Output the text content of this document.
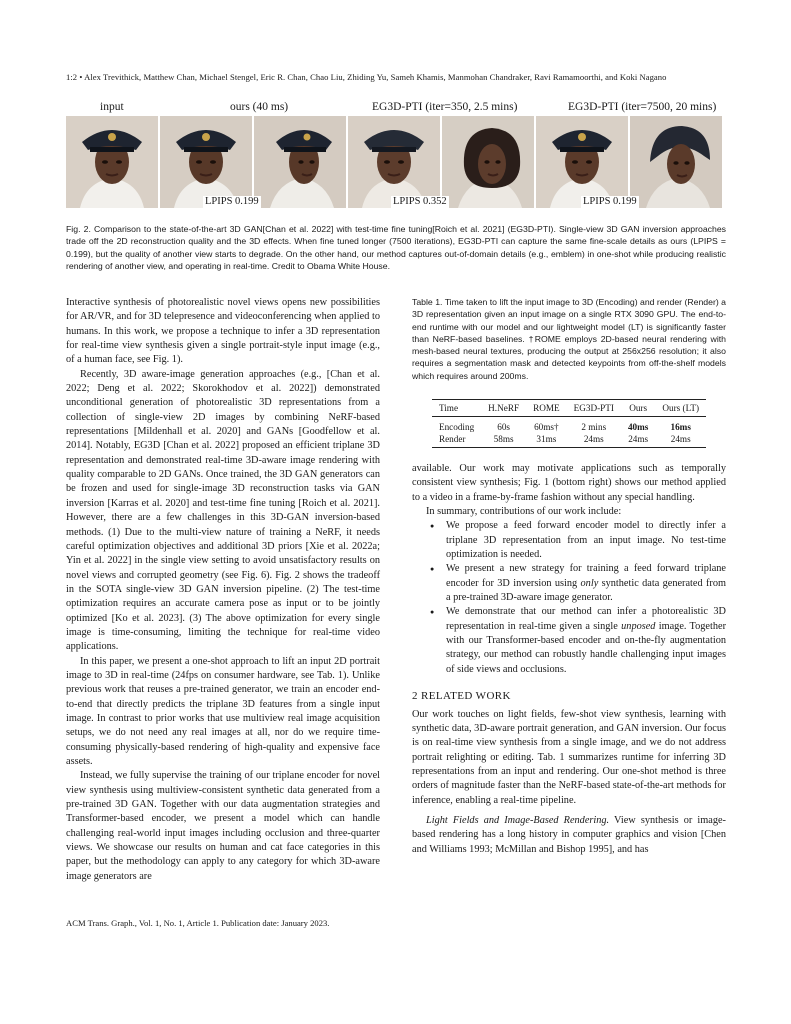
1:2 • Alex Trevithick, Matthew Chan, Michael Stengel, Eric R. Chan, Chao Liu, Zhiding Yu, Sameh Khamis, Manmohan Chandraker, Ravi Ramamoorthi, and Koki Nagano
input	ours (40 ms)	EG3D-PTI (iter=350, 2.5 mins)	EG3D-PTI (iter=7500, 20 mins)
LPIPS 0.199	LPIPS 0.352	LPIPS 0.199
Fig. 2. Comparison to the state-of-the-art 3D GAN[Chan et al. 2022] with test-time fine tuning[Roich et al. 2021] (EG3D-PTI). Single-view 3D GAN inversion approaches trade off the 2D reconstruction quality and the 3D effects. When fine tuned longer (7500 iterations), EG3D-PTI can capture the same fine-scale details as ours (LPIPS = 0.199), but the quality of another view starts to degrade. On the other hand, our method captures out-of-domain details (e.g., emblem) in one-shot while producing realistic rendering of another view, and operating in real-time. Credit to Obama White House.

Interactive synthesis of photorealistic novel views opens new possibilities for AR/VR, and for 3D telepresence and videoconferencing when applied to humans. In this work, we propose a technique to infer a 3D representation for real-time view synthesis given a single portrait-style input image (e.g., of a human face, see Fig. 1).

Recently, 3D aware-image generation approaches (e.g., [Chan et al. 2022; Deng et al. 2022; Skorokhodov et al. 2022]) demonstrated unconditional generation of photorealistic 3D representations from a collection of single-view 2D images by combining NeRF-based representations [Mildenhall et al. 2020] and GANs [Goodfellow et al. 2014]. Notably, EG3D [Chan et al. 2022] proposed an efficient triplane 3D representation and demonstrated real-time 3D-aware image rendering with quality comparable to 2D GANs. Once trained, the 3D GAN generators can be frozen and used for single-image 3D reconstruction tasks via GAN inversion [Karras et al. 2020] and test-time fine tuning [Roich et al. 2021]. However, there are a few challenges in this 3D-GAN inversion-based methods. (1) Due to the multi-view nature of training a NeRF, it needs careful optimization objectives and additional 3D priors [Xie et al. 2022a; Yin et al. 2022] in the single view setting to avoid unsatisfactory results on novel views and corrupted geometry (see Fig. 6). Fig. 2 shows the tradeoff in the SOTA single-view 3D GAN inversion pipeline. (2) The test-time optimization requires an accurate camera pose as input or to be jointly optimized [Ko et al. 2023]. (3) The above optimization for every single image is time-consuming, limiting the technique for real-time video applications.

In this paper, we present a one-shot approach to lift an input 2D portrait image to 3D in real-time (24fps on consumer hardware, see Tab. 1). Unlike previous work that reuses a pre-trained generator, we train an encoder end-to-end that directly predicts the triplane 3D features from a single input image. In contrast to prior works that use multiview real image acquisition setups, we do not need any real images at all, nor do we require time-consuming physically-based rendering of high-quality and expensive face assets.

Instead, we fully supervise the training of our triplane encoder for novel view synthesis using multiview-consistent synthetic data generated from a pre-trained 3D GAN. Together with our data augmentation strategies and Transformer-based encoder, we present a model which can handle challenging real-world input images including occlusion and three-quarter views. We showcase our results on human and cat face categories in this paper, but the methodology can apply to any category for which 3D-aware image generators are

Table 1. Time taken to lift the input image to 3D (Encoding) and render (Render) a 3D representation given an input image on a single RTX 3090 GPU. The end-to-end runtime with our model and our lightweight model (LT) is significantly faster than NeRF-based baselines. †ROME employs 2D-based neural rendering with mesh-based neural textures, producing the output at 256x256 resolution; it also requires a segmentation mask and detected keypoints from off-the-shelf models which requires around 200ms.
Time	H.NeRF	ROME	EG3D-PTI	Ours	Ours (LT)

Encoding	60s	60ms†	2 mins	40ms	16ms
Render	58ms	31ms	24ms	24ms	24ms

available. Our work may motivate applications such as temporally consistent view synthesis; Fig. 1 (bottom right) shows our method applied to a video in a frame-by-frame fashion without any special handling.

In summary, contributions of our work include:

● We propose a feed forward encoder model to directly infer a triplane 3D representation from an input image. No test-time optimization is needed.
● We present a new strategy for training a feed forward triplane encoder for 3D inversion using only synthetic data generated from a pre-trained 3D-aware image generator.
● We demonstrate that our method can infer a photorealistic 3D representation in real-time given a single unposed image. Together with our Transformer-based encoder and on-the-fly augmentation strategy, our method can robustly handle challenging input images of side views and occlusions.
2 RELATED WORK

Our work touches on light fields, few-shot view synthesis, learning with synthetic data, 3D-aware portrait generation, and GAN inversion. Our focus is on real-time view synthesis from a single image, and we do not address portrait relighting or editing. Tab. 1 summarizes runtime for inferring 3D representations from an input and rendering. Our one-shot method is three orders of magnitude faster than the NeRF-based state-of-the-art methods for inference, enabling a real-time pipeline.

Light Fields and Image-Based Rendering. View synthesis or image-based rendering has a long history in computer graphics and vision [Chen and Williams 1993; McMillan and Bishop 1995], and has

ACM Trans. Graph., Vol. 1, No. 1, Article 1. Publication date: January 2023.
